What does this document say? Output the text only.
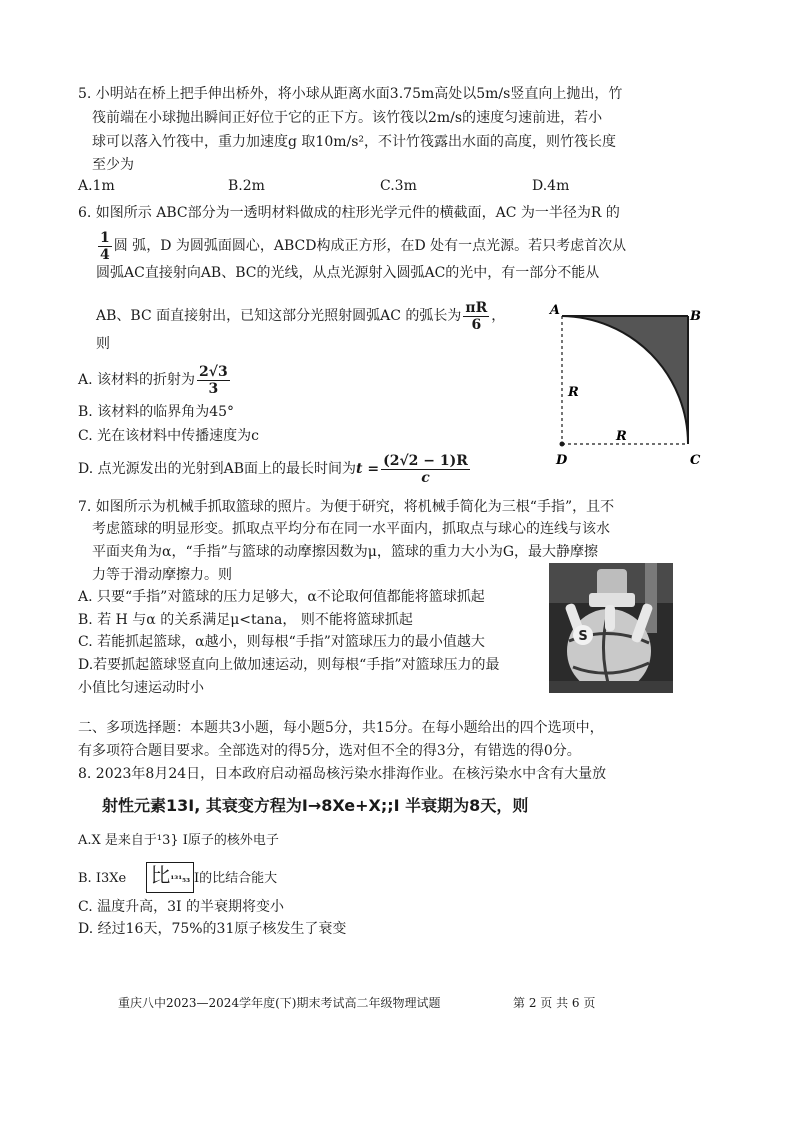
5. 小明站在桥上把手伸出桥外，将小球从距离水面3.75m高处以5m/s竖直向上抛出，竹
筏前端在小球抛出瞬间正好位于它的正下方。该竹筏以2m/s的速度匀速前进，若小
球可以落入竹筏中，重力加速度g 取10m/s²，不计竹筏露出水面的高度，则竹筏长度
至少为
A.1m	B.2m	C.3m	D.4m
6. 如图所示 ABC部分为一透明材料做成的柱形光学元件的横截面，AC 为一半径为R 的
$\frac{1}{4}$ 圆 弧，D 为圆弧面圆心，ABCD构成正方形，在D 处有一点光源。若只考虑首次从
圆弧AC直接射向AB、BC的光线，从点光源射入圆弧AC的光中，有一部分不能从
AB、BC 面直接射出，已知这部分光照射圆弧AC 的弧长为 $\frac{\pi R}{6}$ ，
则
A. 该材料的折射为 $\frac{2√3}{3}$
B. 该材料的临界角为45°
C. 光在该材料中传播速度为c
D. 点光源发出的光射到AB面上的最长时间为$t = \frac{(2√2 - 1)R}{c}$
A	B
C
D
R
R
7. 如图所示为机械手抓取篮球的照片。为便于研究，将机械手简化为三根“手指”，且不
考虑篮球的明显形变。抓取点平均分布在同一水平面内，抓取点与球心的连线与该水
平面夹角为α，“手指”与篮球的动摩擦因数为μ，篮球的重力大小为G，最大静摩擦
力等于滑动摩擦力。则
A. 只要“手指”对篮球的压力足够大，α不论取何值都能将篮球抓起
B. 若 H 与α 的关系满足μ<tana， 则不能将篮球抓起
C. 若能抓起篮球，α越小，则每根“手指”对篮球压力的最小值越大
D.若要抓起篮球竖直向上做加速运动，则每根“手指”对篮球压力的最
小值比匀速运动时小
S
二、多项选择题：本题共3小题，每小题5分，共15分。在每小题给出的四个选项中，
有多项符合题目要求。全部选对的得5分，选对但不全的得3分，有错选的得0分。
8. 2023年8月24日，日本政府启动福岛核污染水排海作业。在核污染水中含有大量放
射性元素13I, 其衰变方程为I→8Xe+X;;I 半衰期为8天，则
A.X 是来自于¹3} I原子的核外电子
B. I3Xe 比¹³¹₅₃ I的比结合能大
C. 温度升高，3I 的半衰期将变小
D. 经过16天，75%的31原子核发生了衰变
重庆八中2023—2024学年度(下)期末考试高二年级物理试题	第 2 页 共 6 页
